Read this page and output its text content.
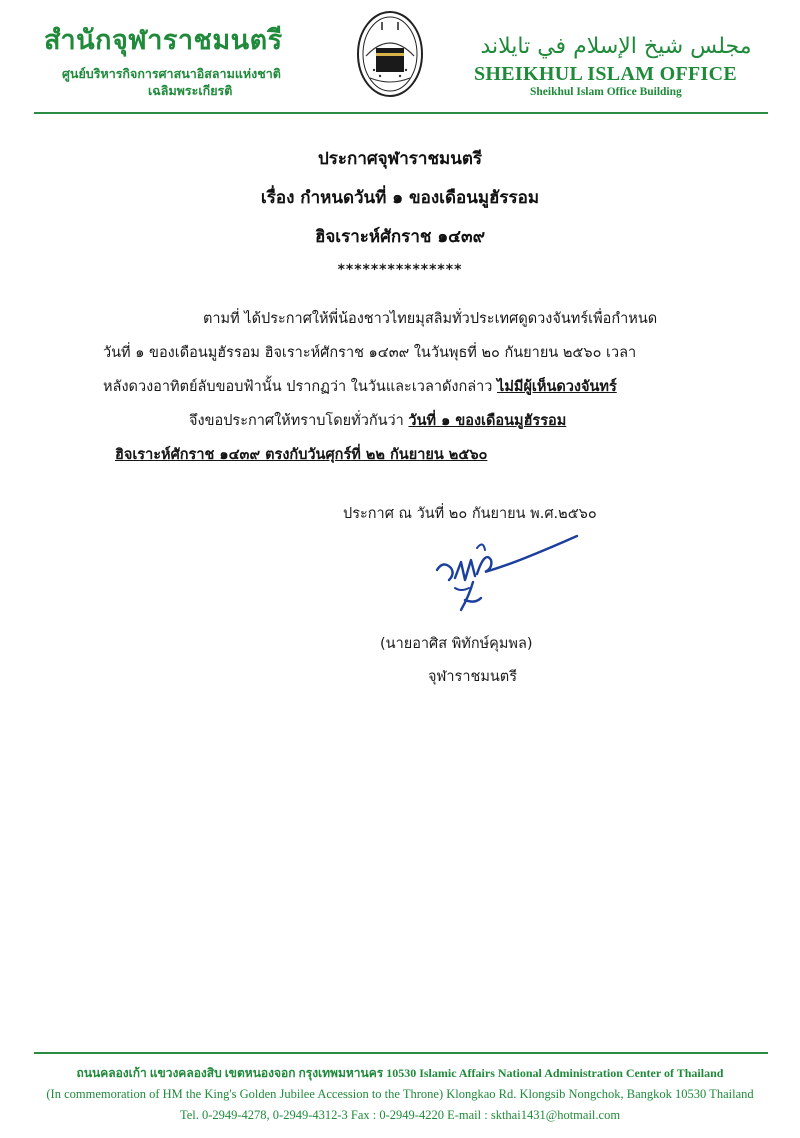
สำนักจุฬาราชมนตรี
ศูนย์บริหารกิจการศาสนาอิสลามแห่งชาติ
เฉลิมพระเกียรติ
مجلس شيخ الإسلام في تايلاند
SHEIKHUL ISLAM OFFICE
Sheikhul Islam Office Building
ประกาศจุฬาราชมนตรี
เรื่อง กำหนดวันที่ ๑ ของเดือนมูฮัรรอม
ฮิจเราะห์ศักราช ๑๔๓๙
***************
ตามที่ ได้ประกาศให้พี่น้องชาวไทยมุสลิมทั่วประเทศดูดวงจันทร์เพื่อกำหนด
วันที่ ๑ ของเดือนมูฮัรรอม ฮิจเราะห์ศักราช ๑๔๓๙ ในวันพุธที่ ๒๐ กันยายน ๒๕๖๐ เวลา
หลังดวงอาทิตย์ลับขอบฟ้านั้น ปรากฏว่า ในวันและเวลาดังกล่าว ไม่มีผู้เห็นดวงจันทร์
จึงขอประกาศให้ทราบโดยทั่วกันว่า วันที่ ๑ ของเดือนมูฮัรรอม
ฮิจเราะห์ศักราช ๑๔๓๙ ตรงกับวันศุกร์ที่ ๒๒ กันยายน ๒๕๖๐
ประกาศ ณ วันที่ ๒๐ กันยายน พ.ศ.๒๕๖๐
(นายอาศิส พิทักษ์คุมพล)
จุฬาราชมนตรี
ถนนคลองเก้า แขวงคลองสิบ เขตหนองจอก กรุงเทพมหานคร 10530 Islamic Affairs National Administration Center of Thailand
(In commemoration of HM the King's Golden Jubilee Accession to the Throne) Klongkao Rd. Klongsib Nongchok, Bangkok 10530 Thailand
Tel. 0-2949-4278, 0-2949-4312-3 Fax : 0-2949-4220 E-mail : skthai1431@hotmail.com
